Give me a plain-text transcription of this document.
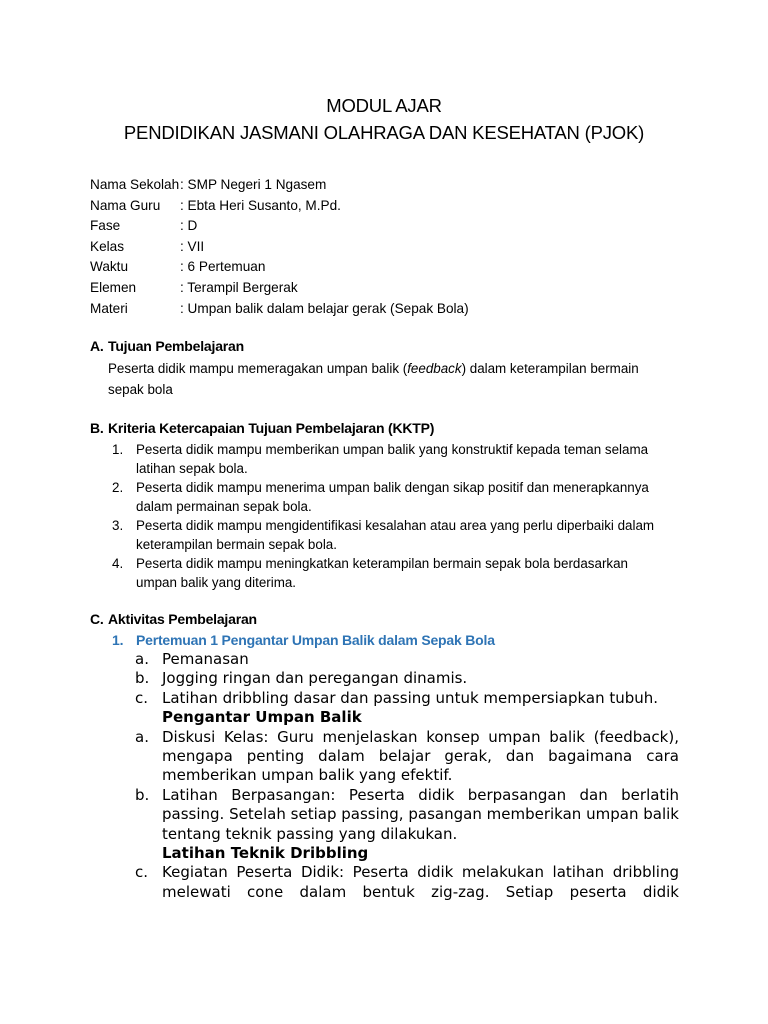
MODUL AJAR
PENDIDIKAN JASMANI OLAHRAGA DAN KESEHATAN (PJOK)
Nama Sekolah: SMP Negeri 1 Ngasem
Nama Guru : Ebta Heri Susanto, M.Pd.
Fase	: D
Kelas	: VII
Waktu	: 6 Pertemuan
Elemen	: Terampil Bergerak
Materi	: Umpan balik dalam belajar gerak (Sepak Bola)
A. Tujuan Pembelajaran
Peserta didik mampu memeragakan umpan balik (feedback) dalam keterampilan bermain
sepak bola
B. Kriteria Ketercapaian Tujuan Pembelajaran (KKTP)
1. Peserta didik mampu memberikan umpan balik yang konstruktif kepada teman selama
latihan sepak bola.
2. Peserta didik mampu menerima umpan balik dengan sikap positif dan menerapkannya
dalam permainan sepak bola.
3. Peserta didik mampu mengidentifikasi kesalahan atau area yang perlu diperbaiki dalam
keterampilan bermain sepak bola.
4. Peserta didik mampu meningkatkan keterampilan bermain sepak bola berdasarkan
umpan balik yang diterima.
C. Aktivitas Pembelajaran
1. Pertemuan 1 Pengantar Umpan Balik dalam Sepak Bola
a. Pemanasan
b. Jogging ringan dan peregangan dinamis.
c. Latihan dribbling dasar dan passing untuk mempersiapkan tubuh.
Pengantar Umpan Balik
a. Diskusi Kelas: Guru menjelaskan konsep umpan balik (feedback), mengapa penting dalam belajar gerak, dan bagaimana cara memberikan umpan balik yang efektif.
b. Latihan Berpasangan: Peserta didik berpasangan dan berlatih passing. Setelah setiap passing, pasangan memberikan umpan balik tentang teknik passing yang dilakukan.
Latihan Teknik Dribbling
c. Kegiatan Peserta Didik: Peserta didik melakukan latihan dribbling melewati cone dalam bentuk zig-zag. Setiap peserta didik
